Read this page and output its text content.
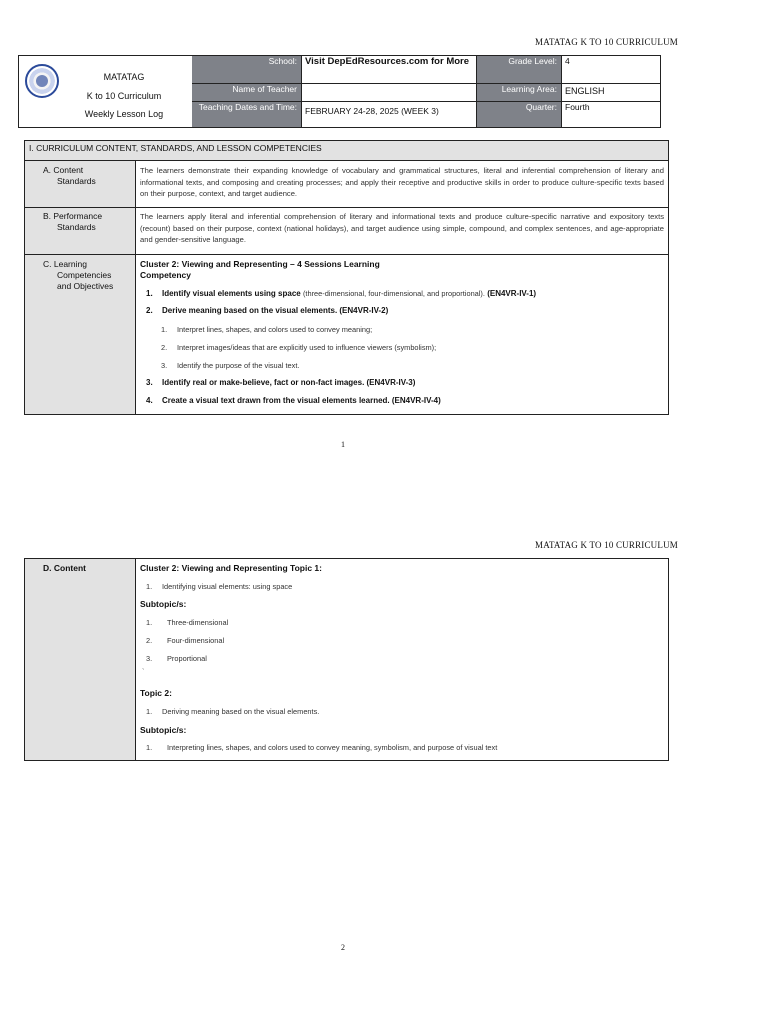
MATATAG K TO 10 CURRICULUM
MATATAG
K to 10 Curriculum
Weekly Lesson Log
School:
Name of Teacher
Teaching Dates and Time:
Visit DepEdResources.com for More
FEBRUARY 24-28, 2025 (WEEK 3)
Grade Level:
Learning Area:
Quarter:
4
ENGLISH
Fourth
I. CURRICULUM CONTENT, STANDARDS, AND LESSON COMPETENCIES
A. Content
Standards
The learners demonstrate their expanding knowledge of vocabulary and grammatical structures, literal and inferential comprehension of literary and informational texts, and composing and creating processes; and apply their receptive and productive skills in order to produce culture-specific texts based on their purpose, context, and target audience.
B. Performance
Standards
The learners apply literal and inferential comprehension of literary and informational texts and produce culture-specific narrative and expository texts (recount) based on their purpose, context (national holidays), and target audience using simple, compound, and complex sentences, and age-appropriate and gender-sensitive language.
C. Learning
Competencies
and Objectives
Cluster 2: Viewing and Representing – 4 Sessions Learning
Competency
1. Identify visual elements using space (three-dimensional, four-dimensional, and proportional). (EN4VR-IV-1)
2. Derive meaning based on the visual elements. (EN4VR-IV-2)
1. Interpret lines, shapes, and colors used to convey meaning;
2. Interpret images/ideas that are explicitly used to influence viewers (symbolism);
3. Identify the purpose of the visual text.
3. Identify real or make-believe, fact or non-fact images. (EN4VR-IV-3)
4. Create a visual text drawn from the visual elements learned. (EN4VR-IV-4)
1
MATATAG K TO 10 CURRICULUM
D. Content	Cluster 2: Viewing and Representing Topic 1:
1. Identifying visual elements: using space
Subtopic/s:
1. Three-dimensional
2. Four-dimensional
3. Proportional
`
Topic 2:
1. Deriving meaning based on the visual elements.
Subtopic/s:
1. Interpreting lines, shapes, and colors used to convey meaning, symbolism, and purpose of visual text
2
